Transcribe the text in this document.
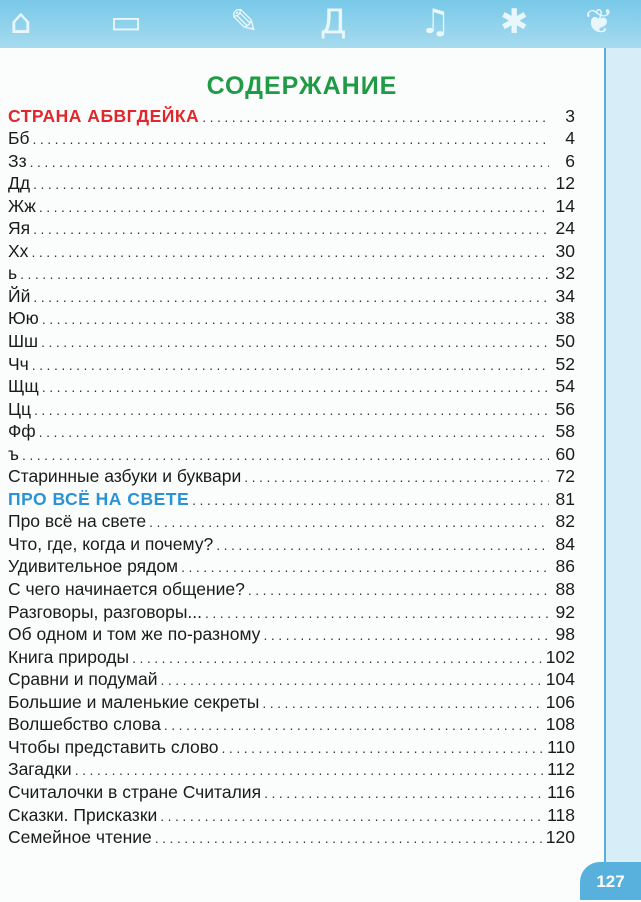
⌂ ▭	✎ Д ♫ ✱ ❦
СОДЕРЖАНИЕ
СТРАНА АБВГДЕЙКА .....	3
Бб .....	4
Зз .....	6
Дд .....	12
Жж .....	14
Яя .....	24
Хх .....	30
ь .....	32
Йй .....	34
Юю .....	38
Шш .....	50
Чч .....	52
Щщ .....	54
Цц .....	56
Фф .....	58
ъ .....	60
Старинные азбуки и буквари .....	72
ПРО ВСЁ НА СВЕТЕ .....	81
Про всё на свете .....	82
Что, где, когда и почему? .....	84
Удивительное рядом .....	86
С чего начинается общение? .....	88
Разговоры, разговоры... .....	92
Об одном и том же по-разному .....	98
Книга природы .....	102
Сравни и подумай .....	104
Большие и маленькие секреты .....	106
Волшебство слова .....	108
Чтобы представить слово .....	110
Загадки .....	112
Считалочки в стране Считалия .....	116
Сказки. Присказки .....	118
Семейное чтение .....	120
127
